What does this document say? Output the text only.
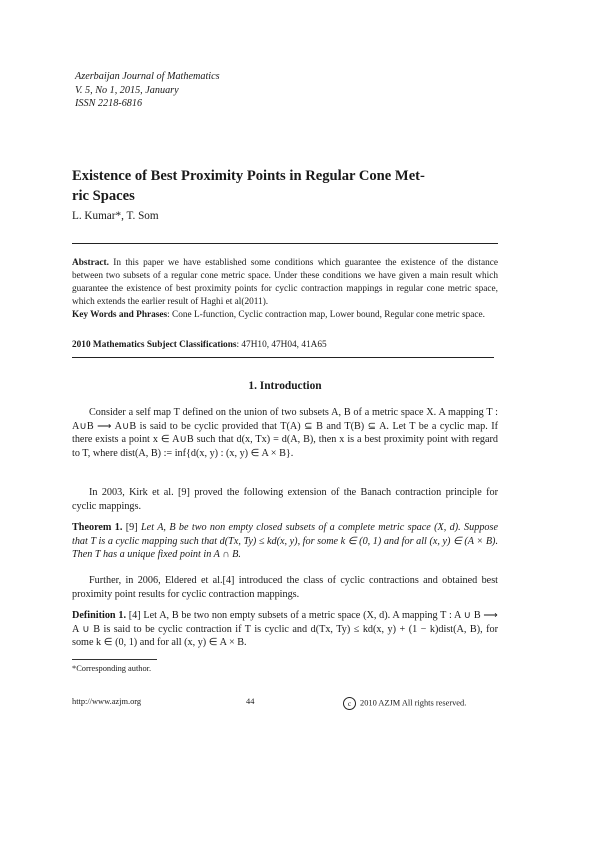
Azerbaijan Journal of Mathematics
V. 5, No 1, 2015, January
ISSN 2218-6816
Existence of Best Proximity Points in Regular Cone Met-
ric Spaces
L. Kumar*, T. Som
Abstract. In this paper we have established some conditions which guarantee the existence of the distance between two subsets of a regular cone metric space. Under these conditions we have given a main result which guarantee the existence of best proximity points for cyclic contraction mappings in regular cone metric space, which extends the earlier result of Haghi et al(2011).
Key Words and Phrases: Cone L-function, Cyclic contraction map, Lower bound, Regular cone metric space.
2010 Mathematics Subject Classifications: 47H10, 47H04, 41A65
1. Introduction
Consider a self map T defined on the union of two subsets A, B of a metric space X. A mapping T : A∪B ⟶ A∪B is said to be cyclic provided that T(A) ⊆ B and T(B) ⊆ A. Let T be a cyclic map. If there exists a point x ∈ A∪B such that d(x, Tx) = d(A, B), then x is a best proximity point with regard to T, where dist(A, B) := inf{d(x, y) : (x, y) ∈ A × B}.
In 2003, Kirk et al. [9] proved the following extension of the Banach contraction principle for cyclic mappings.
Theorem 1. [9] Let A, B be two non empty closed subsets of a complete metric space (X, d). Suppose that T is a cyclic mapping such that d(Tx, Ty) ≤ kd(x, y), for some k ∈ (0, 1) and for all (x, y) ∈ (A × B). Then T has a unique fixed point in A ∩ B.
Further, in 2006, Eldered et al.[4] introduced the class of cyclic contractions and obtained best proximity point results for cyclic contraction mappings.
Definition 1. [4] Let A, B be two non empty subsets of a metric space (X, d). A mapping T : A ∪ B ⟶ A ∪ B is said to be cyclic contraction if T is cyclic and d(Tx, Ty) ≤ kd(x, y) + (1 − k)dist(A, B), for some k ∈ (0, 1) and for all (x, y) ∈ A × B.
*Corresponding author.
http://www.azjm.org	44	c 2010 AZJM All rights reserved.
